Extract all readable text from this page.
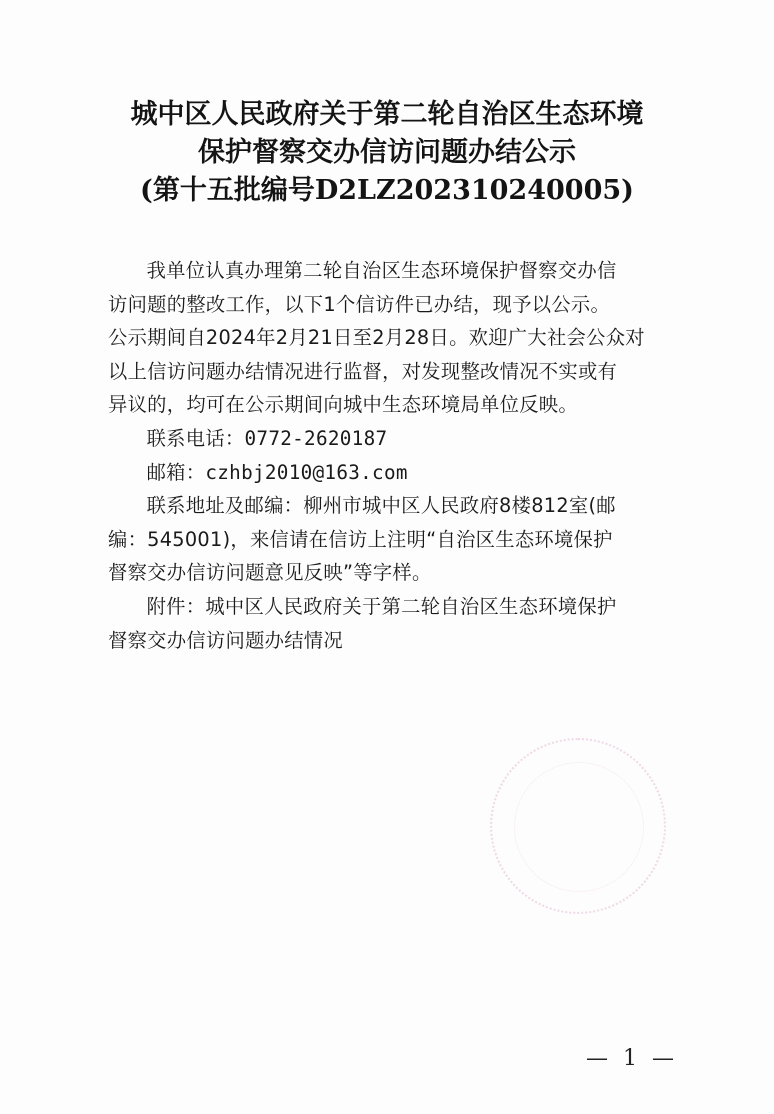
城中区人民政府关于第二轮自治区生态环境
保护督察交办信访问题办结公示
(第十五批编号D2LZ202310240005)
我单位认真办理第二轮自治区生态环境保护督察交办信
访问题的整改工作，以下1个信访件已办结，现予以公示。
公示期间自2024年2月21日至2月28日。欢迎广大社会公众对
以上信访问题办结情况进行监督，对发现整改情况不实或有
异议的，均可在公示期间向城中生态环境局单位反映。
联系电话：0772-2620187
邮箱：czhbj2010@163.com
联系地址及邮编：柳州市城中区人民政府8楼812室(邮
编：545001)，来信请在信访上注明“自治区生态环境保护
督察交办信访问题意见反映”等字样。
附件：城中区人民政府关于第二轮自治区生态环境保护
督察交办信访问题办结情况
— 1 —
